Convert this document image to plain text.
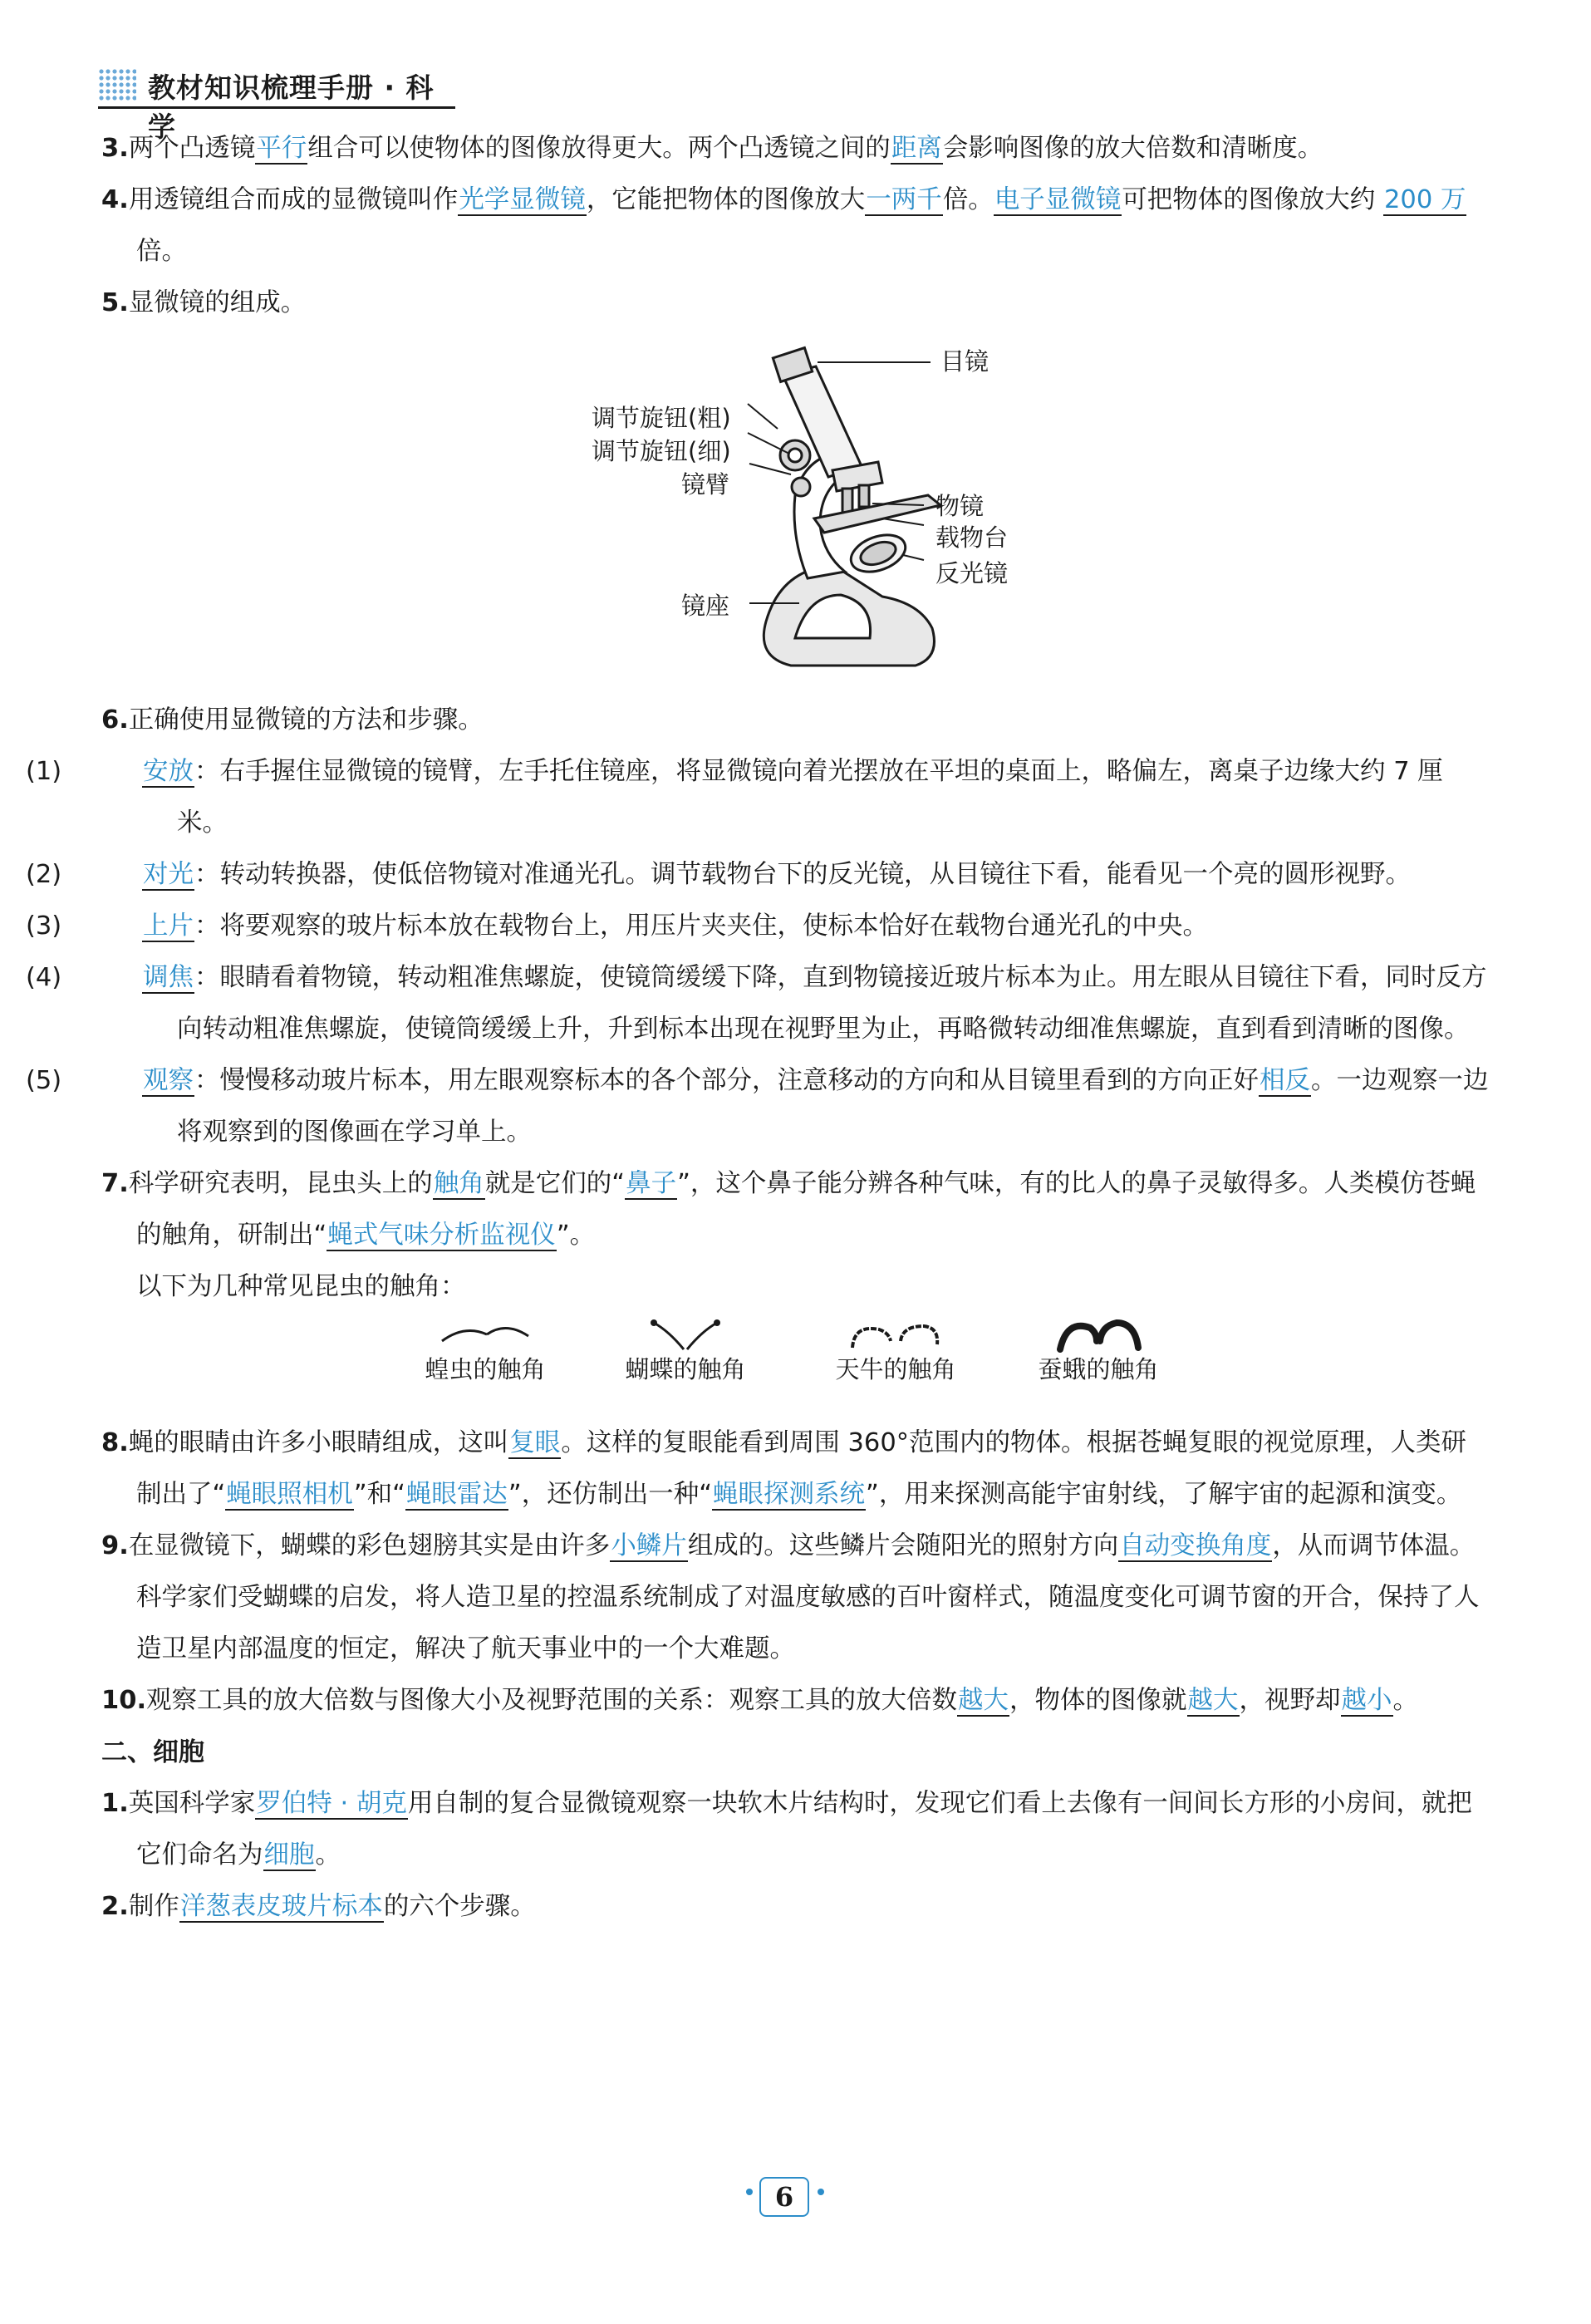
教材知识梳理手册 · 科学

3.两个凸透镜平行组合可以使物体的图像放得更大。两个凸透镜之间的距离会影响图像的放大倍数和清晰度。

4.用透镜组合而成的显微镜叫作光学显微镜，它能把物体的图像放大一两千倍。电子显微镜可把物体的图像放大约 200 万倍。

5.显微镜的组成。

目镜
调节旋钮(粗)
调节旋钮(细)
镜臂
物镜
载物台
反光镜
镜座

6.正确使用显微镜的方法和步骤。

(1)	安放：右手握住显微镜的镜臂，左手托住镜座，将显微镜向着光摆放在平坦的桌面上，略偏左，离桌子边缘大约 7 厘米。

(2)	对光：转动转换器，使低倍物镜对准通光孔。调节载物台下的反光镜，从目镜往下看，能看见一个亮的圆形视野。

(3)	上片：将要观察的玻片标本放在载物台上，用压片夹夹住，使标本恰好在载物台通光孔的中央。

(4)	调焦：眼睛看着物镜，转动粗准焦螺旋，使镜筒缓缓下降，直到物镜接近玻片标本为止。用左眼从目镜往下看，同时反方向转动粗准焦螺旋，使镜筒缓缓上升，升到标本出现在视野里为止，再略微转动细准焦螺旋，直到看到清晰的图像。

(5)	观察：慢慢移动玻片标本，用左眼观察标本的各个部分，注意移动的方向和从目镜里看到的方向正好相反。一边观察一边将观察到的图像画在学习单上。

7.科学研究表明，昆虫头上的触角就是它们的“鼻子”，这个鼻子能分辨各种气味，有的比人的鼻子灵敏得多。人类模仿苍蝇的触角，研制出“蝇式气味分析监视仪”。

以下为几种常见昆虫的触角：

蝗虫的触角	蝴蝶的触角	天牛的触角	蚕蛾的触角

8.蝇的眼睛由许多小眼睛组成，这叫复眼。这样的复眼能看到周围 360°范围内的物体。根据苍蝇复眼的视觉原理，人类研制出了“蝇眼照相机”和“蝇眼雷达”，还仿制出一种“蝇眼探测系统”，用来探测高能宇宙射线，了解宇宙的起源和演变。

9.在显微镜下，蝴蝶的彩色翅膀其实是由许多小鳞片组成的。这些鳞片会随阳光的照射方向自动变换角度，从而调节体温。科学家们受蝴蝶的启发，将人造卫星的控温系统制成了对温度敏感的百叶窗样式，随温度变化可调节窗的开合，保持了人造卫星内部温度的恒定，解决了航天事业中的一个大难题。

10.观察工具的放大倍数与图像大小及视野范围的关系：观察工具的放大倍数越大，物体的图像就越大，视野却越小。

二、细胞

1.英国科学家罗伯特 · 胡克用自制的复合显微镜观察一块软木片结构时，发现它们看上去像有一间间长方形的小房间，就把它们命名为细胞。

2.制作洋葱表皮玻片标本的六个步骤。

6
